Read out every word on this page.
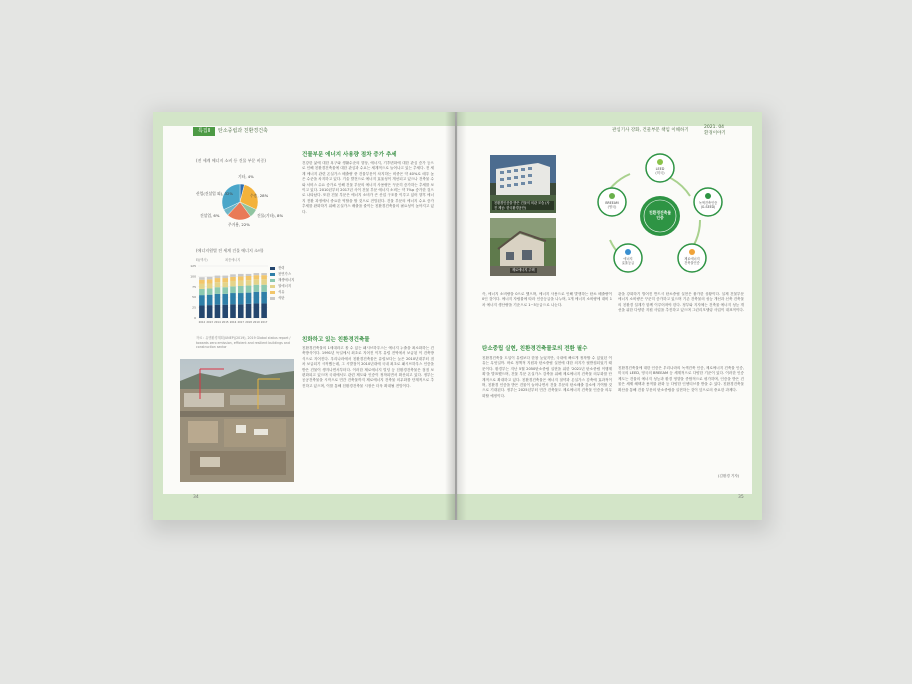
특집Ⅱ	탄소중립과 친환경건축
(전 세계 에너지 소비 등 건물 부문 비중)
기타, 4%
수송, 28%
건물(기타), 8%
주거용, 22%
건설업, 6%
산업(건설업 외), 32%
(에너지원별 전 세계 건물 에너지 소비)
EJ(엑사)	최종에너지
125
100
75
50
25
0
2012 2013 2014 2015 2016 2017 2018 2019 2017
전력
천연가스
재생에너지
열에너지
석유
석탄
자료 : 유엔환경계획(UNEP)(2019), 2019 Global status report / towards zero emission, efficient and resilient buildings and construction sector
건물부문 에너지 사용량 점차 증가 추세
건강한 삶에 대한 욕구와 생활수준의 향상, 에너지, 기후변화에 대한 관심 증가 등으로 인해 친환경건축물에 대한 관심과 수요는 세계적으로 늘어나고 있는 추세다. 전 세계 에너지 관련 온실가스 배출량 중 건물부문이 차지하는 비중은 약 40%로 매우 높은 수준을 차지하고 있다. 기술 발전으로 에너지 효율성이 개선되고 있으나 건축물 수와 서비스 수요 증가로 인해 건물 부문의 에너지 사용량은 꾸준히 증가하는 추세를 보이고 있다. 2010년부터 2017년 사이 건물 부문 에너지 소비는 약 7%p 증가한 것으로 나타났다. 또한 건물 부문은 에너지 소비가 큰 산업 구조를 이루고 있어 향후 에너지 전환 과정에서 중요한 역할을 할 것으로 전망된다. 건물 부문의 에너지 수요 증가 추세를 완화하기 위해 온실가스 배출을 줄이는 친환경건축물의 필요성이 높아지고 있다.
친화하고 있는 친환경건축물
친환경건축물의 1세대라고 볼 수 있는 패시브하우스는 에너지 누출을 최소화하는 건축방식이다. 1991년 독일에서 최초로 지어진 이후 유럽 전역에서 보급된 이 건축방식으로 지어진다. 우리나라에서 친환경건축물은 유럽보다는 늦은 2010년대부터 점차 보급되기 시작했는데, 그 시발점이 2010년대에 국내 최초로 패시브하우스 인증을 받은 건물이 생겨나면서부터다. 이러한 제로에너지 빌딩 등 친환경건축물은 점점 보편화되고 있으며 국내에서도 관련 제도와 인증이 정착되면서 확산되고 있다. 정부는 공공건축물을 시작으로 민간 건축물까지 제로에너지 건축물 의무화를 단계적으로 추진하고 있으며, 이를 통해 친환경건축물 시장은 더욱 확대될 전망이다.
34
관심기사 강화, 건물부문 책임 이해하기
2021. 04
환경이야기
친환경인증을 받은 건물의 외관 모습 (사진 제공: 한국환경공단)
제로에너지 주택
친환경건축물
인증
LEED
(미국)
녹색건축인증
(G-SEED)
제로에너지
건축물인증
에너지
효율등급
BREEAM
(영국)
즉, 에너지 소비량을 0으로 했으며, 에너지 사용으로 인해 발생하는 탄소 배출량이 0인 것이다. 에너지 자립률에 따라 인증등급을 나누며, 1개 에너지 소비량에 대비 1차 에너지 생산량을 기준으로 1~5등급으로 나눈다.
탄소중립 실현, 친환경건축물로의 전환 필수
친환경건축물 도입이 유럽보다 한참 늦었지만, 국내에 빠르게 정착할 수 있었던 이유는 무엇일까. 바로 정책적 지원과 탄소중립 실현에 대한 의지가 뒷받침되었기 때문이다. 환경부는 지난 5월 2050탄소중립 실현을 위한 '2021년 탄소중립 이행계획'을 발표했으며, 건물 부문 온실가스 감축을 위해 제로에너지 건축물 의무화를 단계적으로 확대하고 있다. 친환경건축물은 에너지 절약과 온실가스 감축에 효과적이며, 친환경 인증을 받은 건물이 늘어나면서 건물 부문의 탄소배출 감소에 기여할 것으로 기대된다. 정부는 2025년부터 민간 건축물도 제로에너지 건축물 인증을 의무화할 예정이다.
관을 강화하기 벌어진 반드시 탄소중립 실현은 불가한 상황이다. 실제 건물부문 에너지 소비량은 꾸준히 증가하고 있으며 기존 건축물의 성능 개선과 신축 건축물의 친환경 설계가 함께 이루어져야 한다. 정부와 지자체는 건축물 에너지 성능 개선을 위한 다양한 지원 사업을 추진하고 있으며 그린리모델링 사업이 대표적이다.
친환경건축물에 대한 인증은 우리나라의 녹색건축 인증, 제로에너지 건축물 인증, 미국의 LEED, 영국의 BREEAM 등 세계적으로 다양한 기준이 있다. 이러한 인증제도는 건물의 에너지 성능과 환경 영향을 종합적으로 평가하며, 인증을 받은 건물은 세제 혜택과 용적률 완화 등 다양한 인센티브를 받을 수 있다. 친환경건축물 확산을 통해 건물 부문의 탄소중립을 실현하는 것이 앞으로의 중요한 과제다.
(김환경 기자)
35
